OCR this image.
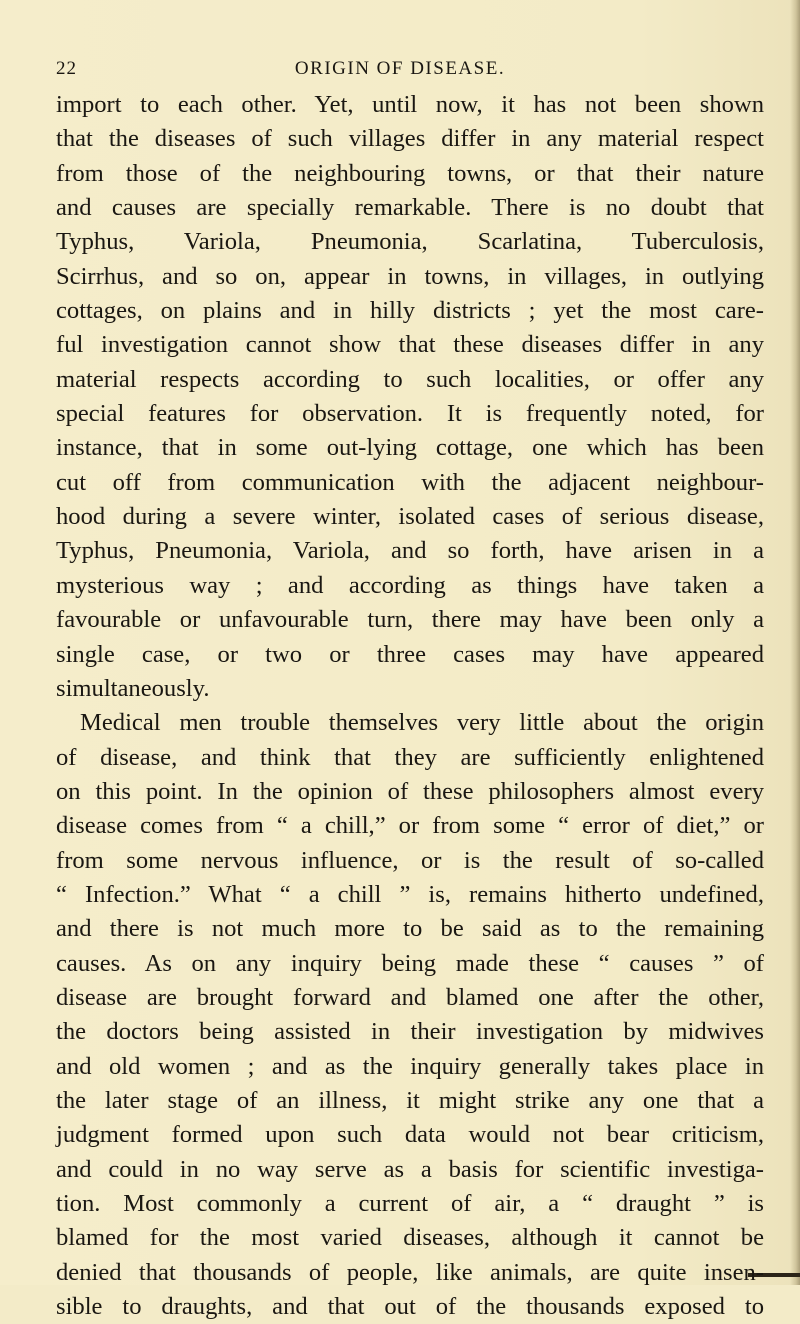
22	ORIGIN OF DISEASE.
import to each other. Yet, until now, it has not been shown
that the diseases of such villages differ in any material respect
from those of the neighbouring towns, or that their nature
and causes are specially remarkable. There is no doubt that
Typhus, Variola, Pneumonia, Scarlatina, Tuberculosis,
Scirrhus, and so on, appear in towns, in villages, in outlying
cottages, on plains and in hilly districts ; yet the most care-
ful investigation cannot show that these diseases differ in any
material respects according to such localities, or offer any
special features for observation. It is frequently noted, for
instance, that in some out-lying cottage, one which has been
cut off from communication with the adjacent neighbour-
hood during a severe winter, isolated cases of serious disease,
Typhus, Pneumonia, Variola, and so forth, have arisen in a
mysterious way ; and according as things have taken a
favourable or unfavourable turn, there may have been only a
single case, or two or three cases may have appeared
simultaneously.
Medical men trouble themselves very little about the origin
of disease, and think that they are sufficiently enlightened
on this point. In the opinion of these philosophers almost every
disease comes from “ a chill,” or from some “ error of diet,” or
from some nervous influence, or is the result of so-called
“ Infection.” What “ a chill ” is, remains hitherto undefined,
and there is not much more to be said as to the remaining
causes. As on any inquiry being made these “ causes ” of
disease are brought forward and blamed one after the other,
the doctors being assisted in their investigation by midwives
and old women ; and as the inquiry generally takes place in
the later stage of an illness, it might strike any one that a
judgment formed upon such data would not bear criticism,
and could in no way serve as a basis for scientific investiga-
tion. Most commonly a current of air, a “ draught ” is
blamed for the most varied diseases, although it cannot be
denied that thousands of people, like animals, are quite insen-
sible to draughts, and that out of the thousands exposed to
